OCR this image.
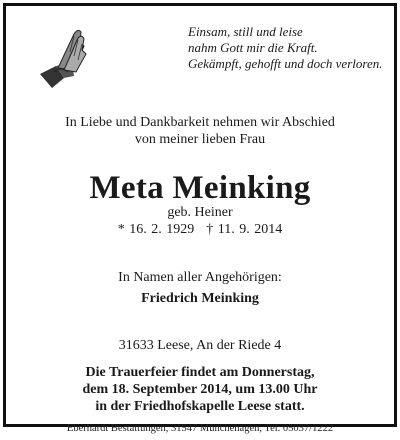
Einsam, still und leise
nahm Gott mir die Kraft.
Gekämpft, gehofft und doch verloren.
In Liebe und Dankbarkeit nehmen wir Abschied
von meiner lieben Frau
Meta Meinking
geb. Heiner
* 16. 2. 1929 † 11. 9. 2014
In Namen aller Angehörigen:
Friedrich Meinking
31633 Leese, An der Riede 4
Die Trauerfeier findet am Donnerstag,
dem 18. September 2014, um 13.00 Uhr
in der Friedhofskapelle Leese statt.
Eberhardt Bestattungen, 31547 Münchehagen, Tel. 05037/1222
